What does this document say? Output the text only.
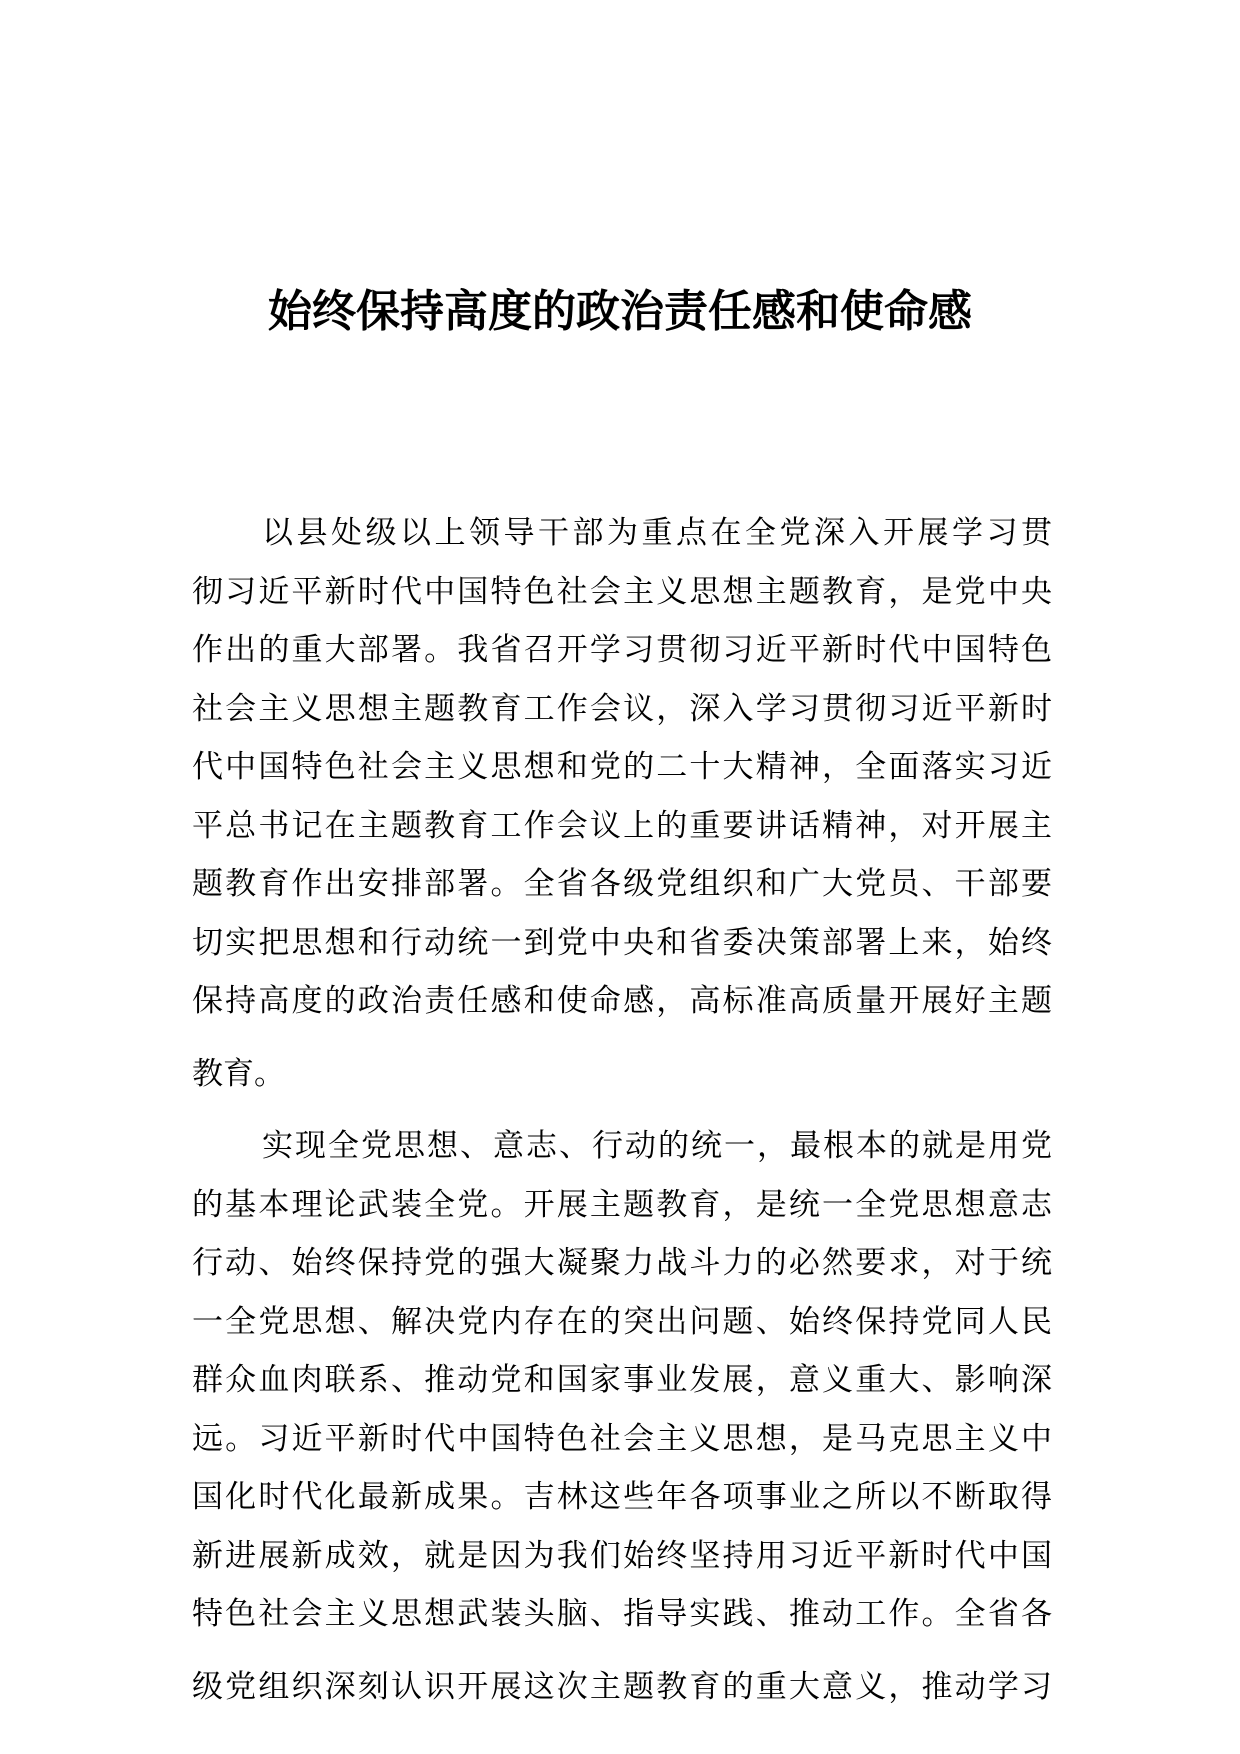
始终保持高度的政治责任感和使命感
以县处级以上领导干部为重点在全党深入开展学习贯
彻习近平新时代中国特色社会主义思想主题教育，是党中央
作出的重大部署。我省召开学习贯彻习近平新时代中国特色
社会主义思想主题教育工作会议，深入学习贯彻习近平新时
代中国特色社会主义思想和党的二十大精神，全面落实习近
平总书记在主题教育工作会议上的重要讲话精神，对开展主
题教育作出安排部署。全省各级党组织和广大党员、干部要
切实把思想和行动统一到党中央和省委决策部署上来，始终
保持高度的政治责任感和使命感，高标准高质量开展好主题
教育。
实现全党思想、意志、行动的统一，最根本的就是用党
的基本理论武装全党。开展主题教育，是统一全党思想意志
行动、始终保持党的强大凝聚力战斗力的必然要求，对于统
一全党思想、解决党内存在的突出问题、始终保持党同人民
群众血肉联系、推动党和国家事业发展，意义重大、影响深
远。习近平新时代中国特色社会主义思想，是马克思主义中
国化时代化最新成果。吉林这些年各项事业之所以不断取得
新进展新成效，就是因为我们始终坚持用习近平新时代中国
特色社会主义思想武装头脑、指导实践、推动工作。全省各
级党组织深刻认识开展这次主题教育的重大意义，推动学习
